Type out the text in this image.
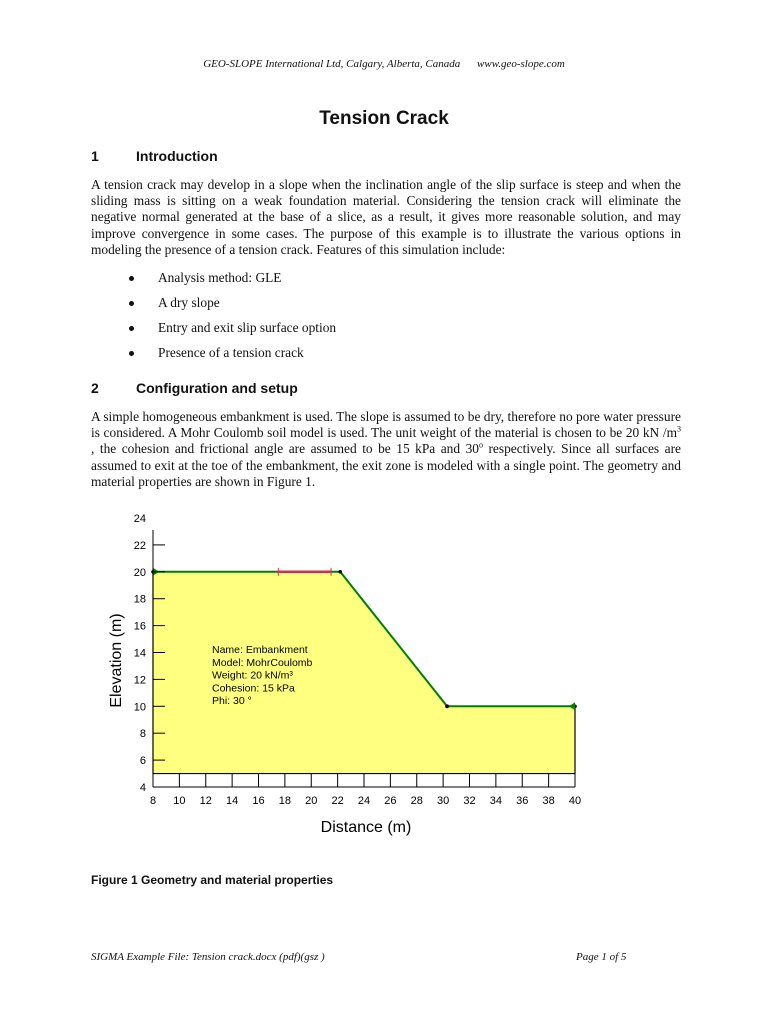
GEO-SLOPE International Ltd, Calgary, Alberta, Canada www.geo-slope.com
Tension Crack
1	Introduction
A tension crack may develop in a slope when the inclination angle of the slip surface is steep and when the sliding mass is sitting on a weak foundation material. Considering the tension crack will eliminate the negative normal generated at the base of a slice, as a result, it gives more reasonable solution, and may improve convergence in some cases. The purpose of this example is to illustrate the various options in modeling the presence of a tension crack. Features of this simulation include:
Analysis method: GLE
A dry slope
Entry and exit slip surface option
Presence of a tension crack
2	Configuration and setup
A simple homogeneous embankment is used. The slope is assumed to be dry, therefore no pore water pressure is considered. A Mohr Coulomb soil model is used. The unit weight of the material is chosen to be 20 kN $/m^3$ , the cohesion and frictional angle are assumed to be 15 kPa and 30$^o$ respectively. Since all surfaces are assumed to exit at the toe of the embankment, the exit zone is modeled with a single point. The geometry and material properties are shown in Figure 1.
4
6
8
10
12
14
16
18
20
22
24
8 10 12 14 16 18 20 22 24 26 28 30 32 34 36 38 40
Distance (m)
Elevation (m)	Name: Embankment
Model: MohrCoulomb
Weight: 20 kN/m³
Cohesion: 15 kPa
Phi: 30 °
Figure 1 Geometry and material properties
SIGMA Example File: Tension crack.docx (pdf)(gsz )	Page 1 of 5
